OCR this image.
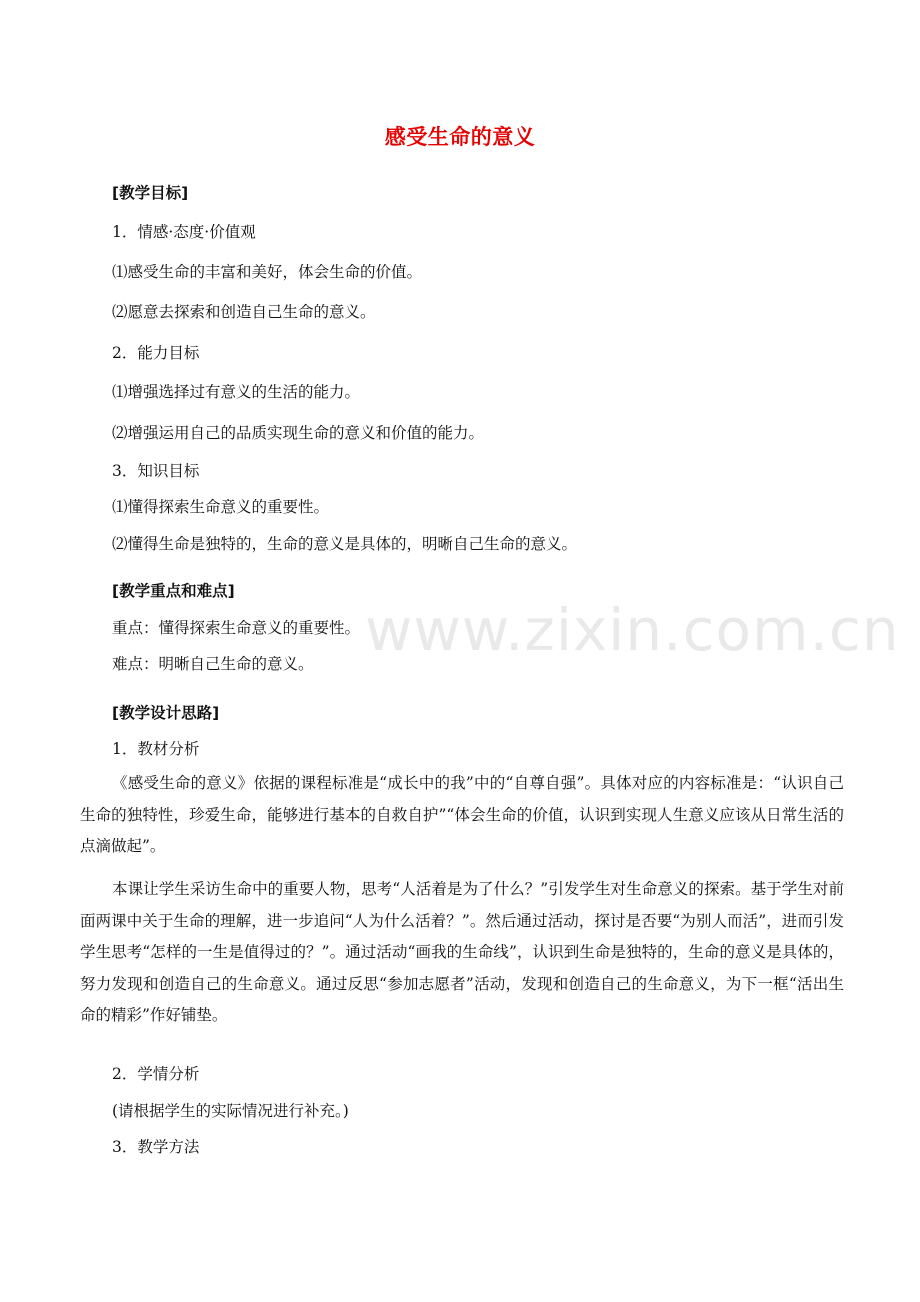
感受生命的意义
[教学目标]
1．情感·态度·价值观
⑴感受生命的丰富和美好，体会生命的价值。
⑵愿意去探索和创造自己生命的意义。
2．能力目标
⑴增强选择过有意义的生活的能力。
⑵增强运用自己的品质实现生命的意义和价值的能力。
3．知识目标
⑴懂得探索生命意义的重要性。
⑵懂得生命是独特的，生命的意义是具体的，明晰自己生命的意义。
[教学重点和难点]
重点：懂得探索生命意义的重要性。
难点：明晰自己生命的意义。
[教学设计思路]
1．教材分析
《感受生命的意义》依据的课程标准是“成长中的我”中的“自尊自强”。具体对应的内容标准是：“认识自己生命的独特性，珍爱生命，能够进行基本的自救自护”“体会生命的价值，认识到实现人生意义应该从日常生活的点滴做起”。
本课让学生采访生命中的重要人物，思考“人活着是为了什么？”引发学生对生命意义的探索。基于学生对前面两课中关于生命的理解，进一步追问“人为什么活着？”。然后通过活动，探讨是否要“为别人而活”，进而引发学生思考“怎样的一生是值得过的？”。通过活动“画我的生命线”，认识到生命是独特的，生命的意义是具体的，努力发现和创造自己的生命意义。通过反思“参加志愿者”活动，发现和创造自己的生命意义，为下一框“活出生命的精彩”作好铺垫。
2．学情分析
(请根据学生的实际情况进行补充。)
3．教学方法
www.zixin.com.cn
